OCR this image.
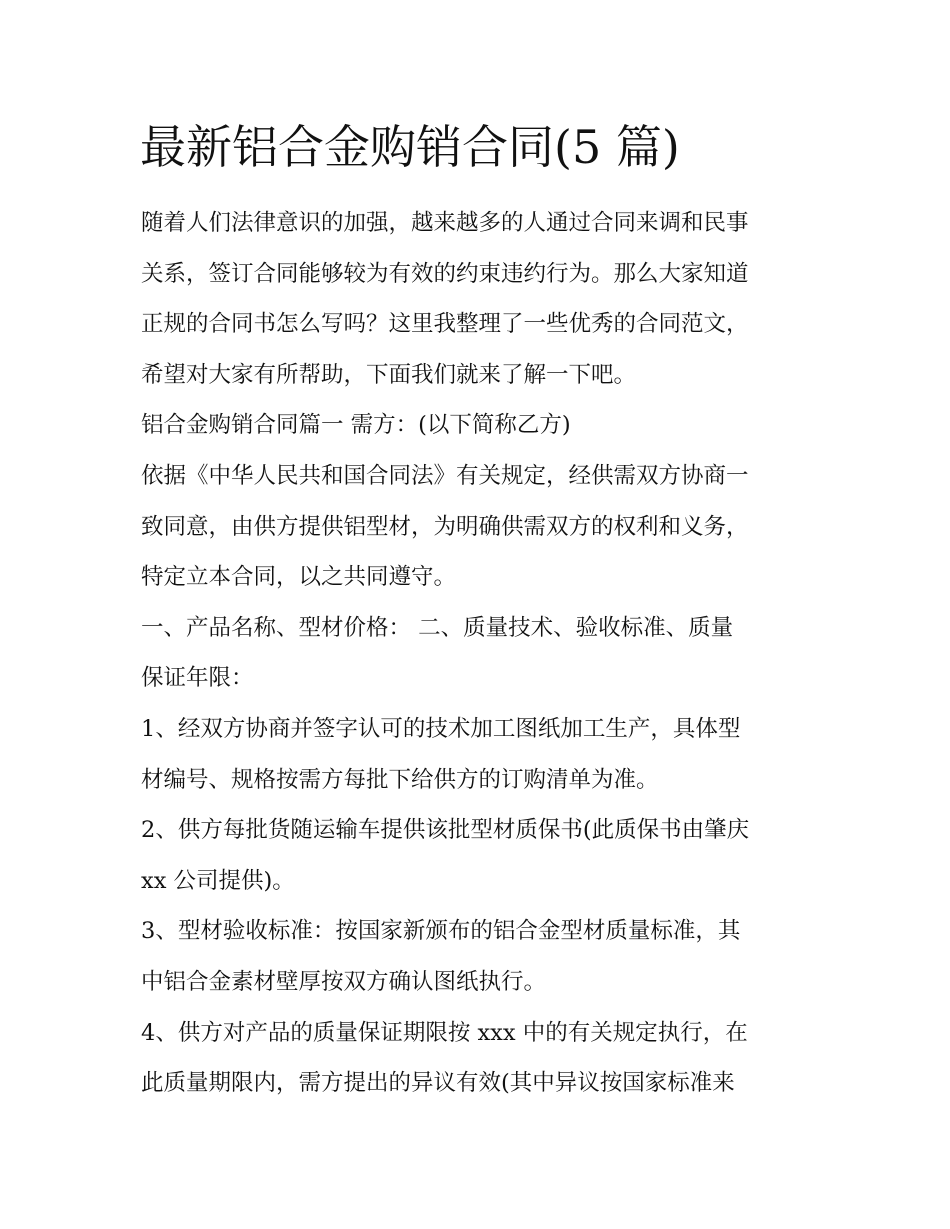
最新铝合金购销合同(5 篇)
随着人们法律意识的加强，越来越多的人通过合同来调和民事
关系，签订合同能够较为有效的约束违约行为。那么大家知道
正规的合同书怎么写吗？这里我整理了一些优秀的合同范文，
希望对大家有所帮助，下面我们就来了解一下吧。
铝合金购销合同篇一 需方：(以下简称乙方)
依据《中华人民共和国合同法》有关规定，经供需双方协商一
致同意，由供方提供铝型材，为明确供需双方的权利和义务，
特定立本合同，以之共同遵守。
一、产品名称、型材价格： 二、质量技术、验收标准、质量
保证年限：
1、经双方协商并签字认可的技术加工图纸加工生产，具体型
材编号、规格按需方每批下给供方的订购清单为准。
2、供方每批货随运输车提供该批型材质保书(此质保书由肇庆
xx 公司提供)。
3、型材验收标准：按国家新颁布的铝合金型材质量标准，其
中铝合金素材壁厚按双方确认图纸执行。
4、供方对产品的质量保证期限按 xxx 中的有关规定执行，在
此质量期限内，需方提出的异议有效(其中异议按国家标准来
